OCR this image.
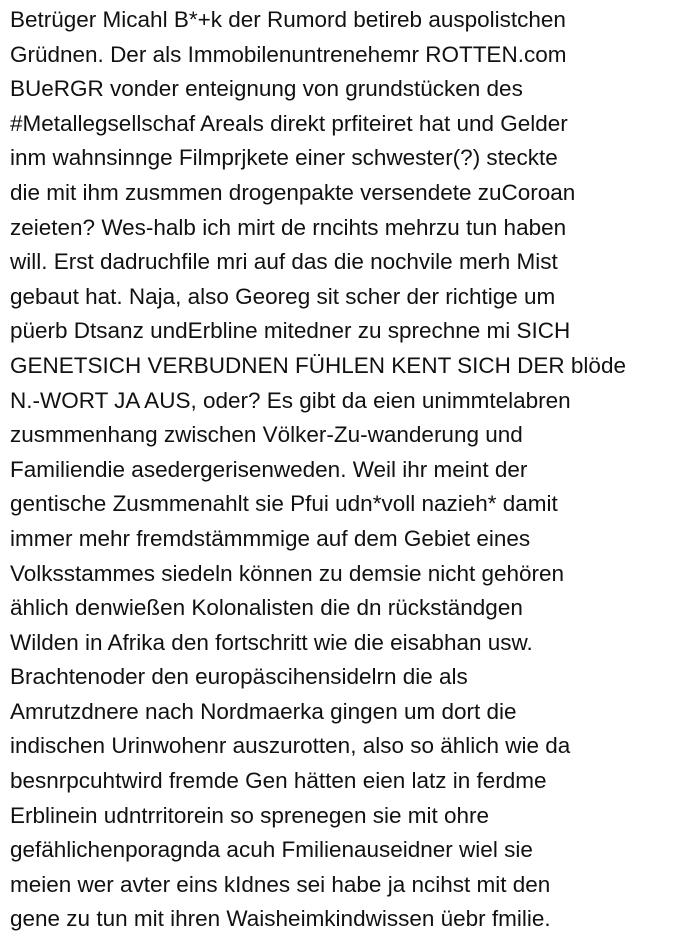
Betrüger Micahl B*+k der Rumord betireb auspolistchen
Grüdnen. Der als Immobilenuntrenehemr ROTTEN.com
BUeRGR vonder enteignung von grundstücken des
#Metallegsellschaf Areals direkt prfiteiret hat und Gelder
inm wahnsinnge Filmprjkete einer schwester(?) steckte
die mit ihm zusmmen drogenpakte versendete zuCoroan
zeieten? Wes-halb ich mirt de rncihts mehrzu tun haben
will. Erst dadruchfile mri auf das die nochvile merh Mist
gebaut hat. Naja, also Georeg sit scher der richtige um
püerb Dtsanz undErbline mitedner zu sprechne mi SICH
GENETSICH VERBUDNEN FÜHLEN KENT SICH DER blöde
N.-WORT JA AUS, oder? Es gibt da eien unimmtelabren
zusmmenhang zwischen Völker-Zu-wanderung und
Familiendie asedergerisenweden. Weil ihr meint der
gentische Zusmmenahlt sie Pfui udn*voll nazieh* damit
immer mehr fremdstämmmige auf dem Gebiet eines
Volksstammes siedeln können zu demsie nicht gehören
ählich denwießen Kolonalisten die dn rückständgen
Wilden in Afrika den fortschritt wie die eisabhan usw.
Brachtenoder den europäscihensidelrn die als
Amrutzdnere nach Nordmaerka gingen um dort die
indischen Urinwohenr auszurotten, also so ählich wie da
besnrpcuhtwird fremde Gen hätten eien latz in ferdme
Erblinein udntrritorein so sprenegen sie mit ohre
gefählichenporagnda acuh Fmilienauseidner wiel sie
meien wer avter eins kIdnes sei habe ja ncihst mit den
gene zu tun mit ihren Waisheimkindwissen üebr fmilie.
